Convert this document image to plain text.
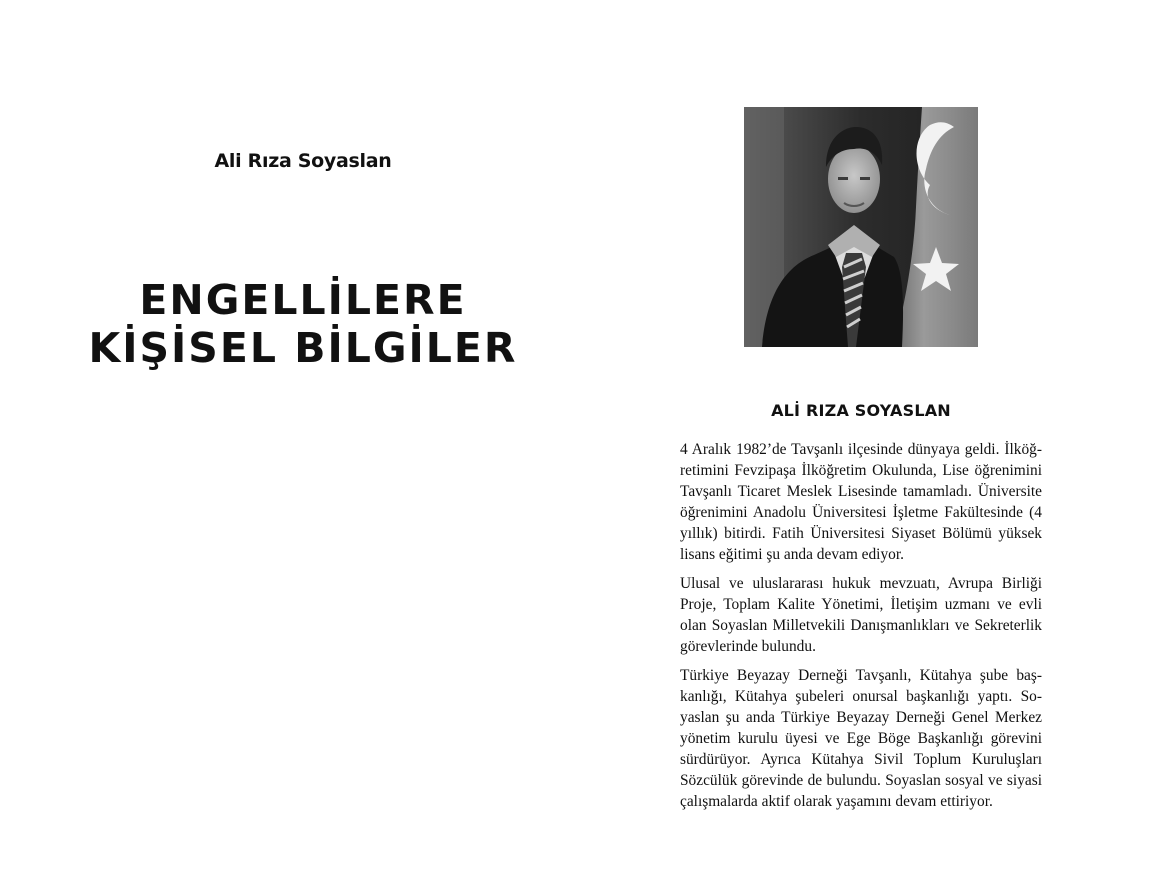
Ali Rıza Soyaslan
ENGELLİLERE
KİŞİSEL BİLGİLER
ALİ RIZA SOYASLAN

4 Aralık 1982’de Tavşanlı ilçesinde dünyaya geldi. İlköğretimini Fevzipaşa İlköğretim Okulunda, Lise öğrenimini Tavşanlı Ticaret Meslek Lisesinde tamamladı. Üniversite öğrenimini Anadolu Üniversitesi İşletme Fakültesinde (4 yıllık) bitirdi. Fatih Üniversitesi Siyaset Bölümü yüksek lisans eğitimi şu anda devam ediyor.

Ulusal ve uluslararası hukuk mevzuatı, Avrupa Birliği Proje, Toplam Kalite Yönetimi, İletişim uzmanı ve evli olan Soyaslan Milletvekili Danışmanlıkları ve Sekreterlik görevlerinde bulundu.

Türkiye Beyazay Derneği Tavşanlı, Kütahya şube başkanlığı, Kütahya şubeleri onursal başkanlığı yaptı. Soyaslan şu anda Türkiye Beyazay Derneği Genel Merkez yönetim kurulu üyesi ve Ege Böge Başkanlığı görevini sürdürüyor. Ayrıca Kütahya Sivil Toplum Kuruluşları Sözcülük görevinde de bulundu. Soyaslan sosyal ve siyasi çalışmalarda aktif olarak yaşamını devam ettiriyor.
